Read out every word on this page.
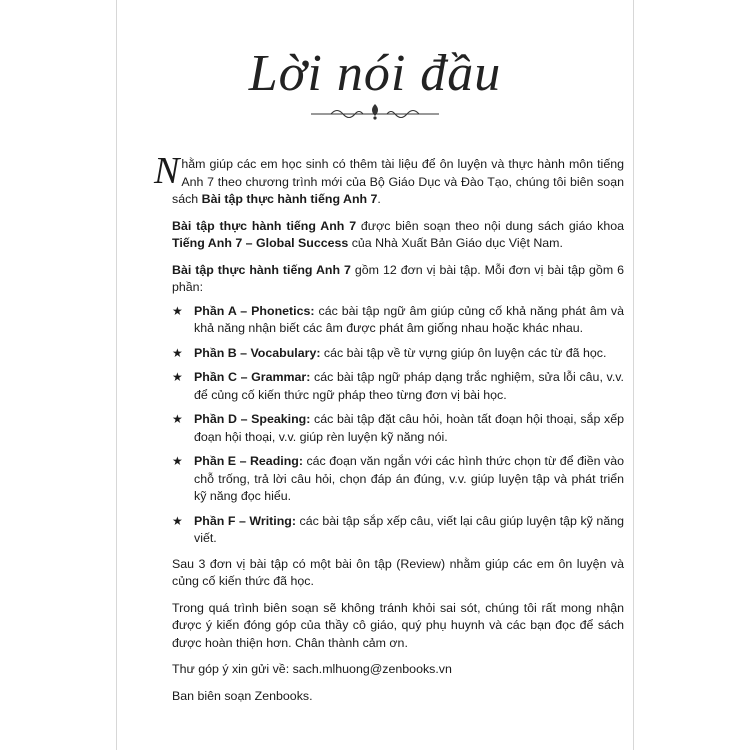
Lời nói đầu

Nhằm giúp các em học sinh có thêm tài liệu để ôn luyện và thực hành môn tiếng Anh 7 theo chương trình mới của Bộ Giáo Dục và Đào Tạo, chúng tôi biên soạn sách Bài tập thực hành tiếng Anh 7.

Bài tập thực hành tiếng Anh 7 được biên soạn theo nội dung sách giáo khoa Tiếng Anh 7 – Global Success của Nhà Xuất Bản Giáo dục Việt Nam.

Bài tập thực hành tiếng Anh 7 gồm 12 đơn vị bài tập. Mỗi đơn vị bài tập gồm 6 phần:

★ Phần A – Phonetics: các bài tập ngữ âm giúp củng cố khả năng phát âm và khả năng nhận biết các âm được phát âm giống nhau hoặc khác nhau.
★ Phần B – Vocabulary: các bài tập về từ vựng giúp ôn luyện các từ đã học.
★ Phần C – Grammar: các bài tập ngữ pháp dạng trắc nghiệm, sửa lỗi câu, v.v. để củng cố kiến thức ngữ pháp theo từng đơn vị bài học.
★ Phần D – Speaking: các bài tập đặt câu hỏi, hoàn tất đoạn hội thoại, sắp xếp đoạn hội thoại, v.v. giúp rèn luyện kỹ năng nói.
★ Phần E – Reading: các đoạn văn ngắn với các hình thức chọn từ để điền vào chỗ trống, trả lời câu hỏi, chọn đáp án đúng, v.v. giúp luyện tập và phát triển kỹ năng đọc hiểu.
★ Phần F – Writing: các bài tập sắp xếp câu, viết lại câu giúp luyện tập kỹ năng viết.

Sau 3 đơn vị bài tập có một bài ôn tập (Review) nhằm giúp các em ôn luyện và củng cố kiến thức đã học.

Trong quá trình biên soạn sẽ không tránh khỏi sai sót, chúng tôi rất mong nhận được ý kiến đóng góp của thầy cô giáo, quý phụ huynh và các bạn đọc để sách được hoàn thiện hơn. Chân thành cảm ơn.

Thư góp ý xin gửi về: sach.mlhuong@zenbooks.vn

Ban biên soạn Zenbooks.
